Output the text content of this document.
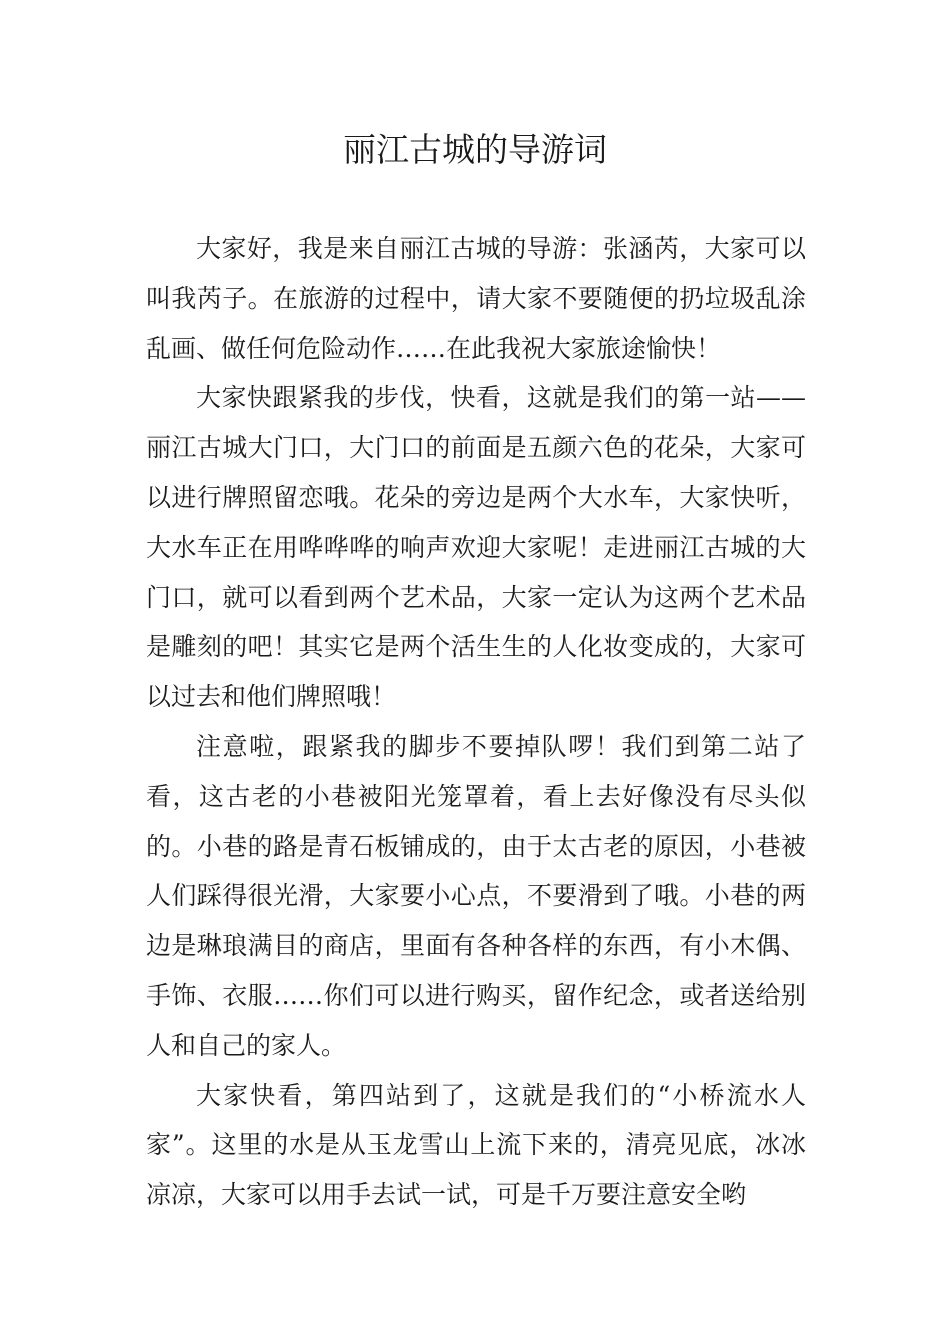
丽江古城的导游词

大家好，我是来自丽江古城的导游：张涵芮，大家可以叫我芮子。在旅游的过程中，请大家不要随便的扔垃圾乱涂乱画、做任何危险动作……在此我祝大家旅途愉快！

大家快跟紧我的步伐，快看，这就是我们的第一站——丽江古城大门口，大门口的前面是五颜六色的花朵，大家可以进行牌照留恋哦。花朵的旁边是两个大水车，大家快听，大水车正在用哗哗哗的响声欢迎大家呢！走进丽江古城的大门口，就可以看到两个艺术品，大家一定认为这两个艺术品是雕刻的吧！其实它是两个活生生的人化妆变成的，大家可以过去和他们牌照哦！

注意啦，跟紧我的脚步不要掉队啰！我们到第二站了看，这古老的小巷被阳光笼罩着，看上去好像没有尽头似的。小巷的路是青石板铺成的，由于太古老的原因，小巷被人们踩得很光滑，大家要小心点，不要滑到了哦。小巷的两边是琳琅满目的商店，里面有各种各样的东西，有小木偶、手饰、衣服……你们可以进行购买，留作纪念，或者送给别人和自己的家人。

大家快看，第四站到了，这就是我们的“小桥流水人家”。这里的水是从玉龙雪山上流下来的，清亮见底，冰冰凉凉，大家可以用手去试一试，可是千万要注意安全哟
